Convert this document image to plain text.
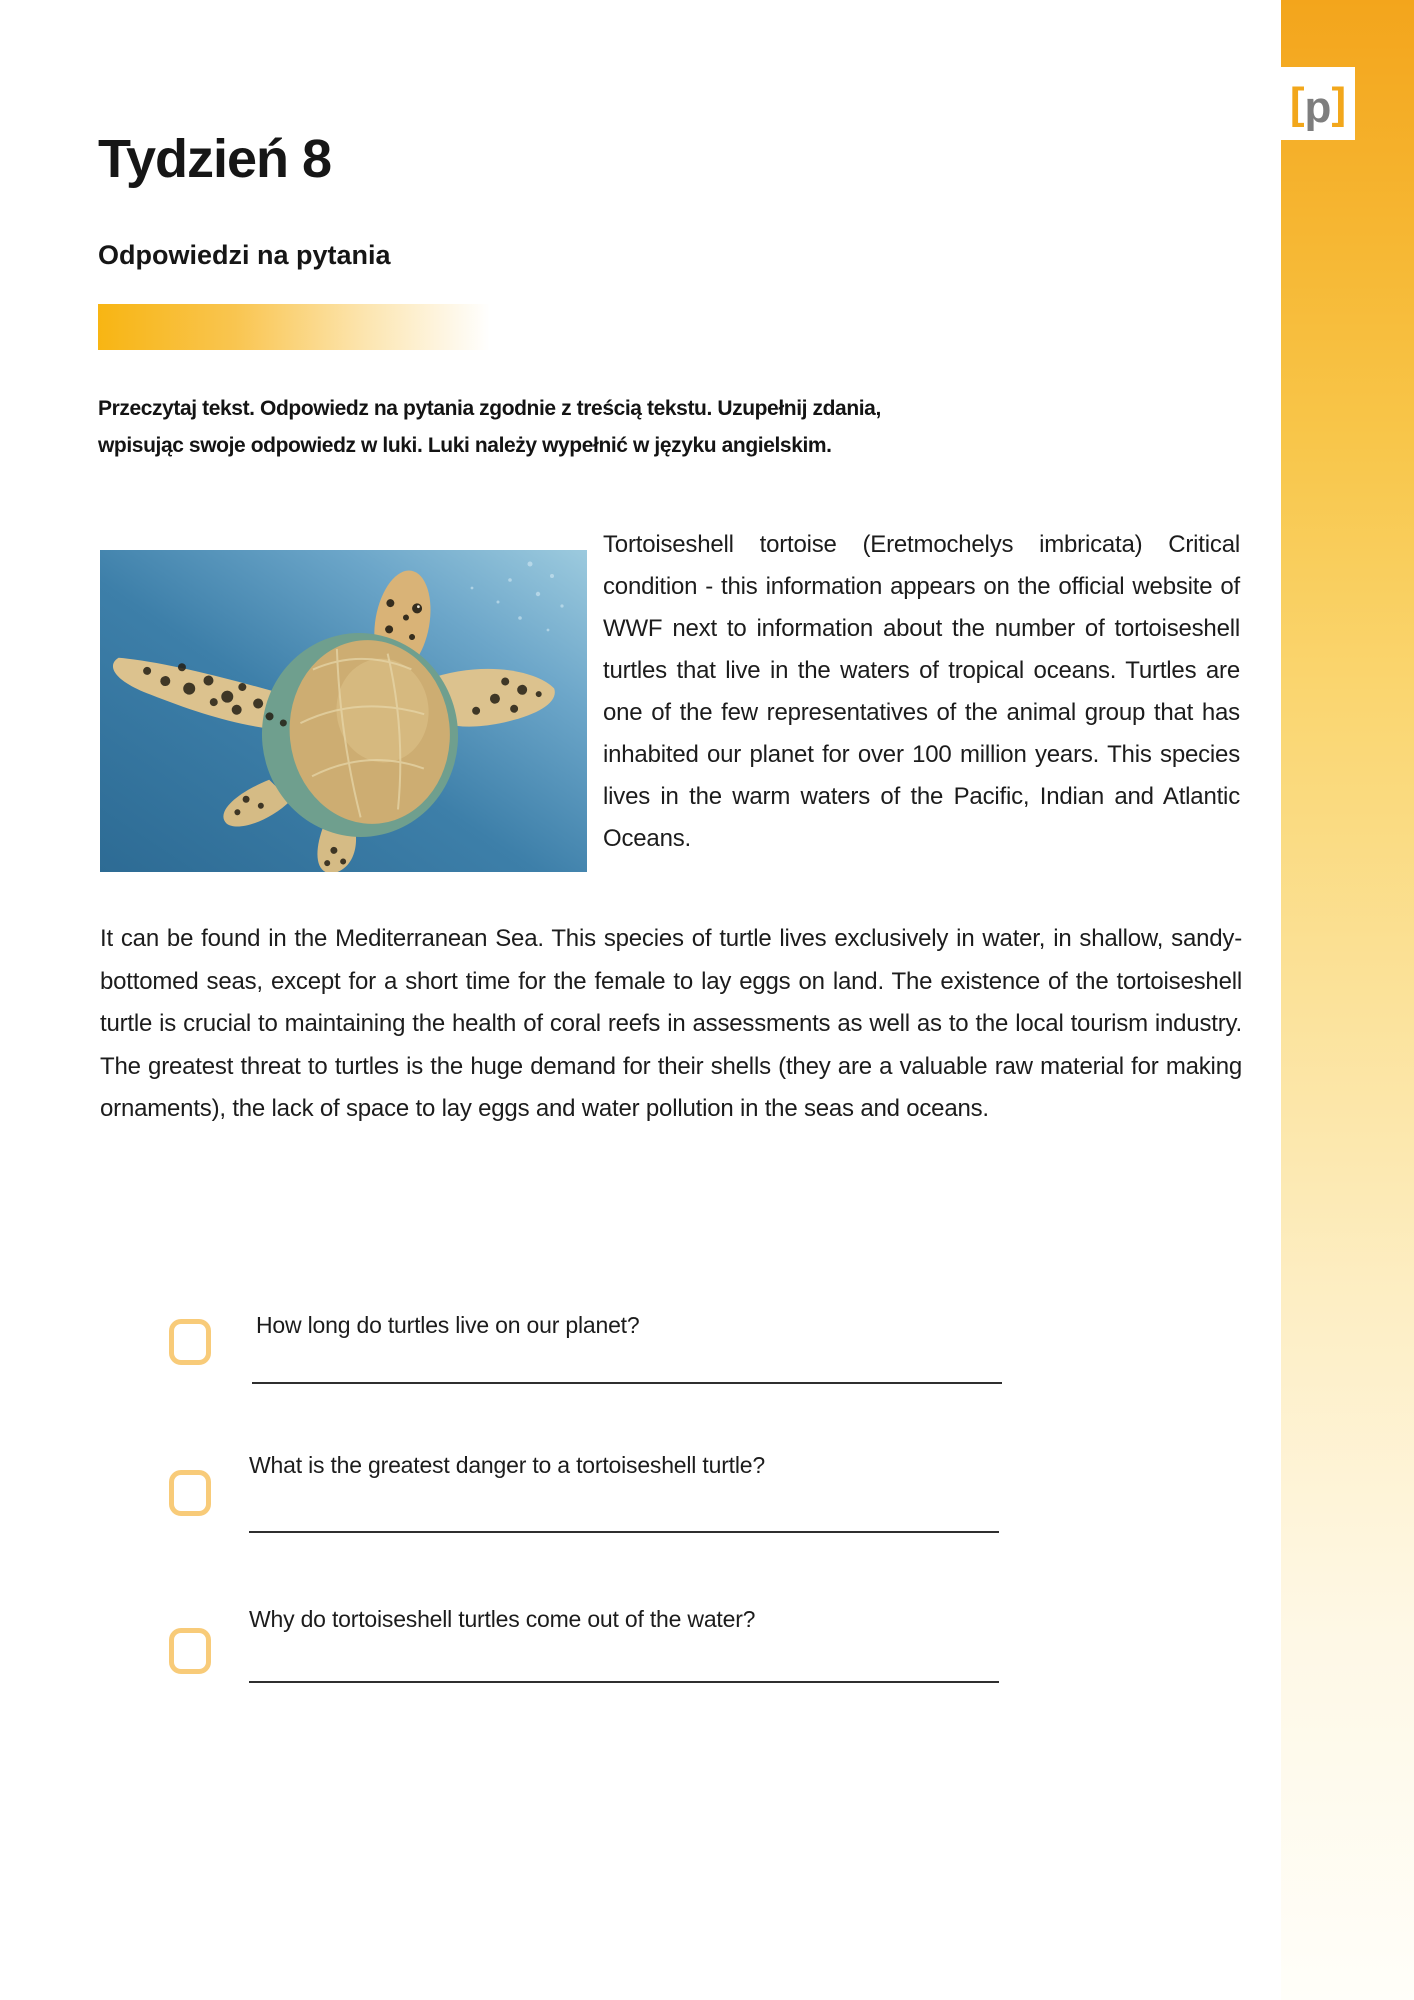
[ p ]
Tydzień 8
Odpowiedzi na pytania
Przeczytaj tekst. Odpowiedz na pytania zgodnie z treścią tekstu. Uzupełnij zdania,
wpisując swoje odpowiedz w luki. Luki należy wypełnić w języku angielskim.

Tortoiseshell tortoise (Eretmochelys imbricata) Critical condition - this information appears on the official website of WWF next to information about the number of tortoiseshell turtles that live in the waters of tropical oceans. Turtles are one of the few representatives of the animal group that has inhabited our planet for over 100 million years. This species lives in the warm waters of the Pacific, Indian and Atlantic Oceans.

It can be found in the Mediterranean Sea. This species of turtle lives exclusively in water, in shallow, sandy-bottomed seas, except for a short time for the female to lay eggs on land. The existence of the tortoiseshell turtle is crucial to maintaining the health of coral reefs in assessments as well as to the local tourism industry. The greatest threat to turtles is the huge demand for their shells (they are a valuable raw material for making ornaments), the lack of space to lay eggs and water pollution in the seas and oceans.

How long do turtles live on our planet?
What is the greatest danger to a tortoiseshell turtle?
Why do tortoiseshell turtles come out of the water?
